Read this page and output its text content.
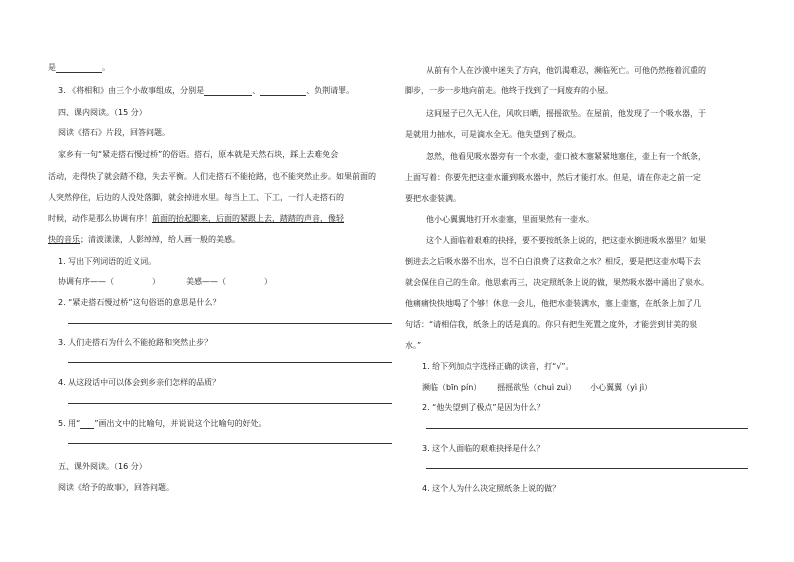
是	。
3. 《将相和》由三个小故事组成，分别是	、	、负荆请罪。
四、课内阅读。（15 分）
阅读《搭石》片段，回答问题。
家乡有一句“紧走搭石慢过桥”的俗语。搭石，原本就是天然石块，踩上去难免会
活动，走得快了就会踏不稳，失去平衡。人们走搭石不能抢路，也不能突然止步。如果前面的
人突然停住，后边的人没处落脚，就会掉进水里。每当上工、下工，一行人走搭石的
时候，动作是那么协调有序！前面的抬起脚来，后面的紧跟上去，踏踏的声音，像轻
快的音乐；清波漾漾，人影绰绰，给人画一般的美感。
1. 写出下列词语的近义词。
协调有序——（	）	美感——（	）
2. “紧走搭石慢过桥”这句俗语的意思是什么？
3. 人们走搭石为什么不能抢路和突然止步？
4. 从这段话中可以体会到乡亲们怎样的品质？
5. 用“ ”画出文中的比喻句，并说说这个比喻句的好处。
五、课外阅读。（16 分）
阅读《给予的故事》，回答问题。
从前有个人在沙漠中迷失了方向，他饥渴难忍，濒临死亡。可他仍然拖着沉重的
脚步，一步一步地向前走。他终于找到了一间废弃的小屋。
这间屋子已久无人住，风吹日晒，摇摇欲坠。在屋前，他发现了一个吸水器，于
是就用力抽水，可是滴水全无。他失望到了极点。
忽然，他看见吸水器旁有一个水壶，壶口被木塞紧紧地塞住，壶上有一个纸条，
上面写着：你要先把这壶水灌到吸水器中，然后才能打水。但是，请在你走之前一定
要把水壶装满。
他小心翼翼地打开水壶塞，里面果然有一壶水。
这个人面临着艰难的抉择，要不要按纸条上说的，把这壶水倒进吸水器里？如果
倒进去之后吸水器不出水，岂不白白浪费了这救命之水？相反，要是把这壶水喝下去
就会保住自己的生命。他思索再三，决定照纸条上说的做，果然吸水器中涌出了泉水。
他痛痛快快地喝了个够！休息一会儿，他把水壶装满水，塞上壶塞，在纸条上加了几
句话：“请相信我，纸条上的话是真的。你只有把生死置之度外，才能尝到甘美的泉
水。”
1. 给下列加点字选择正确的读音，打“√”。
濒临（bīn pín） 摇摇欲坠（chuì zuì） 小心翼翼（yì jì）
2. “他失望到了极点”是因为什么？
3. 这个人面临的艰难抉择是什么？
4. 这个人为什么决定照纸条上说的做？
